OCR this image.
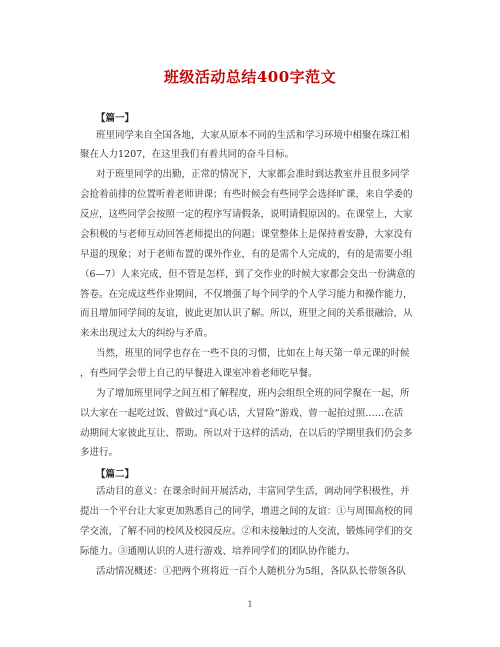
班级活动总结400字范文
【篇一】
班里同学来自全国各地，大家从原本不同的生活和学习环境中相聚在珠江相
聚在人力1207，在这里我们有着共同的奋斗目标。
对于班里同学的出勤，正常的情况下，大家都会准时到达教室并且很多同学
会抢着前排的位置听着老师讲课；有些时候会有些同学会选择旷课，来自学委的
反应，这些同学会按照一定的程序写请假条，说明请假原因的。在课堂上，大家
会积极的与老师互动回答老师提出的问题；课堂整体上是保持着安静，大家没有
早退的现象；对于老师布置的课外作业，有的是需个人完成的，有的是需要小组
（6—7）人来完成，但不管是怎样，到了交作业的时候大家都会交出一份满意的
答卷。在完成这些作业期间，不仅增强了每个同学的个人学习能力和操作能力，
而且增加同学间的友谊，彼此更加认识了解。所以，班里之间的关系很融洽，从
来未出现过太大的纠纷与矛盾。
当然，班里的同学也存在一些不良的习惯，比如在上每天第一单元课的时候
，有些同学会带上自己的早餐进入课室冲着老师吃早餐。
为了增加班里同学之间互相了解程度，班内会组织全班的同学聚在一起，所
以大家在一起吃过饭、曾做过“真心话，大冒险”游戏、曾一起拍过照……在活
动期间大家彼此互让、帮助。所以对于这样的活动，在以后的学期里我们仍会多
多进行。
【篇二】
活动目的意义：在课余时间开展活动，丰富同学生活，调动同学积极性，并
提出一个平台让大家更加熟悉自己的同学，增进之间的友谊：①与周围高校的同
学交流，了解不同的校风及校园反应。②和未接触过的人交流，锻炼同学们的交
际能力。③通刚认识的人进行游戏、培养同学们的团队协作能力。
活动情况概述：①把两个班将近一百个人随机分为5组，各队队长带领各队
1
